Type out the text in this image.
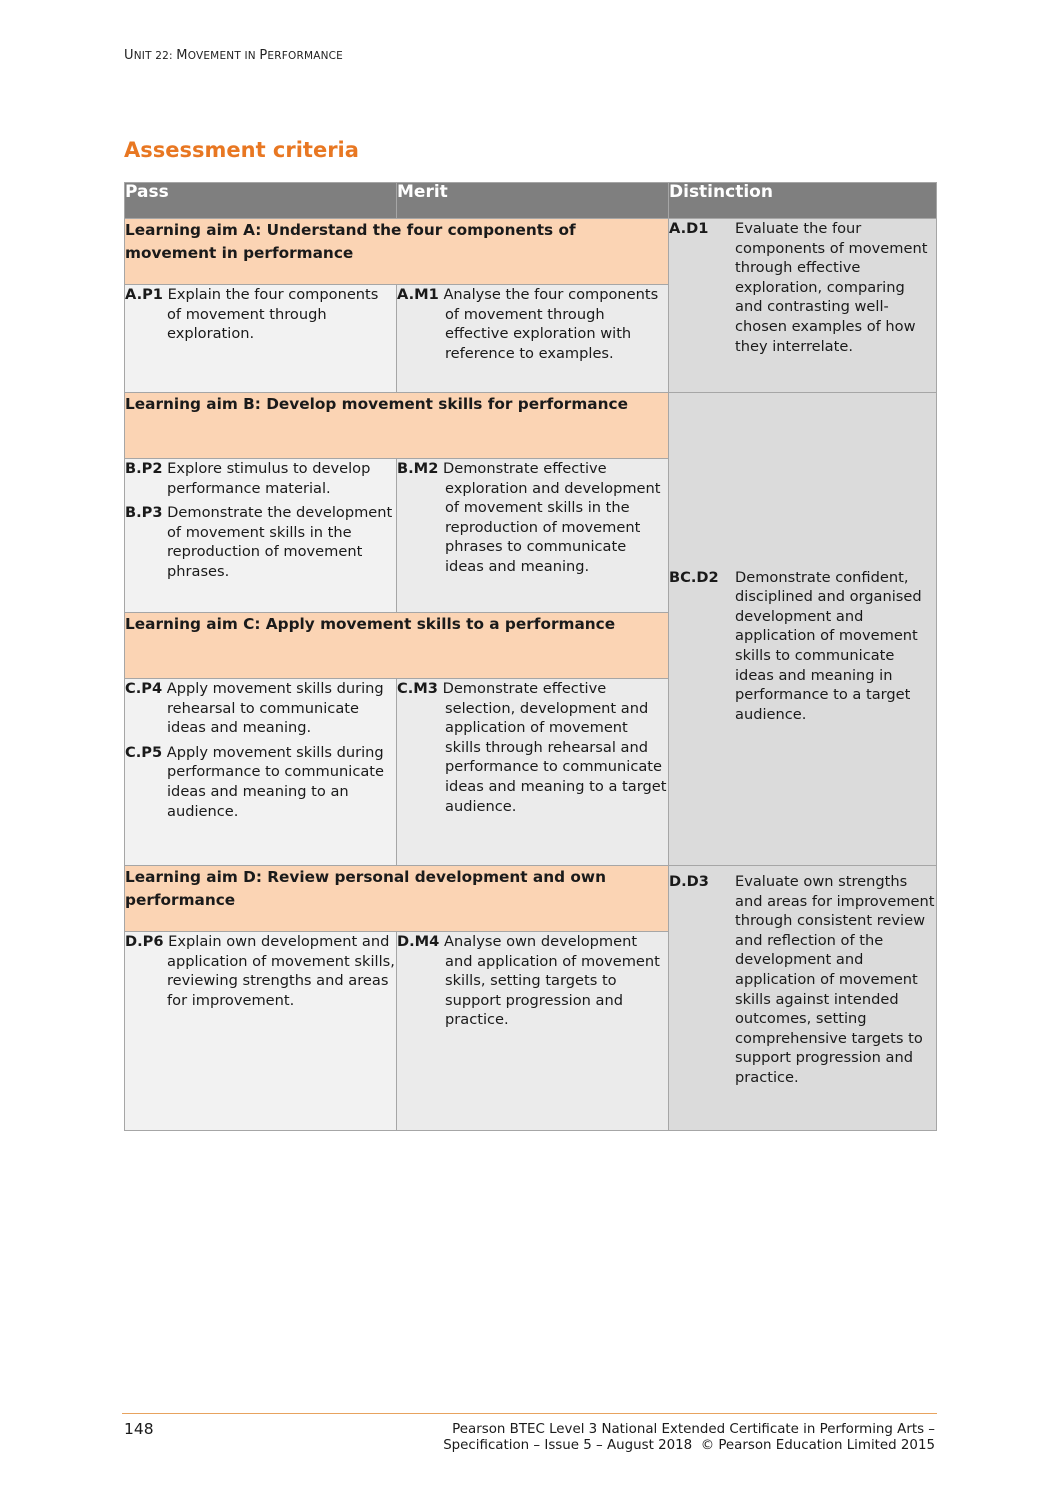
UNIT 22: MOVEMENT IN PERFORMANCE
Assessment criteria
Pass	Merit	Distinction
Learning aim A: Understand the four components of movement in performance		A.D1 Evaluate the four components of movement through effective exploration, comparing and contrasting well-chosen examples of how they interrelate.

A.P1 Explain the four components of movement through exploration.	A.M1 Analyse the four components of movement through effective exploration with reference to examples.	

Learning aim B: Develop movement skills for performance		BC.D2 Demonstrate confident, disciplined and organised development and application of movement skills to communicate ideas and meaning in performance to a target audience.

B.P2 Explore stimulus to develop performance material.
B.P3 Demonstrate the development of movement skills in the reproduction of movement phrases.	B.M2 Demonstrate effective exploration and development of movement skills in the reproduction of movement phrases to communicate ideas and meaning.	

Learning aim C: Apply movement skills to a performance		

C.P4 Apply movement skills during rehearsal to communicate ideas and meaning.
C.P5 Apply movement skills during performance to communicate ideas and meaning to an audience.	C.M3 Demonstrate effective selection, development and application of movement skills through rehearsal and performance to communicate ideas and meaning to a target audience.	

Learning aim D: Review personal development and own performance		D.D3 Evaluate own strengths and areas for improvement through consistent review and reflection of the development and application of movement skills against intended outcomes, setting comprehensive targets to support progression and practice.

D.P6 Explain own development and application of movement skills, reviewing strengths and areas for improvement.	D.M4 Analyse own development and application of movement skills, setting targets to support progression and practice.	
148	Pearson BTEC Level 3 National Extended Certificate in Performing Arts –
Specification – Issue 5 – August 2018  © Pearson Education Limited 2015
